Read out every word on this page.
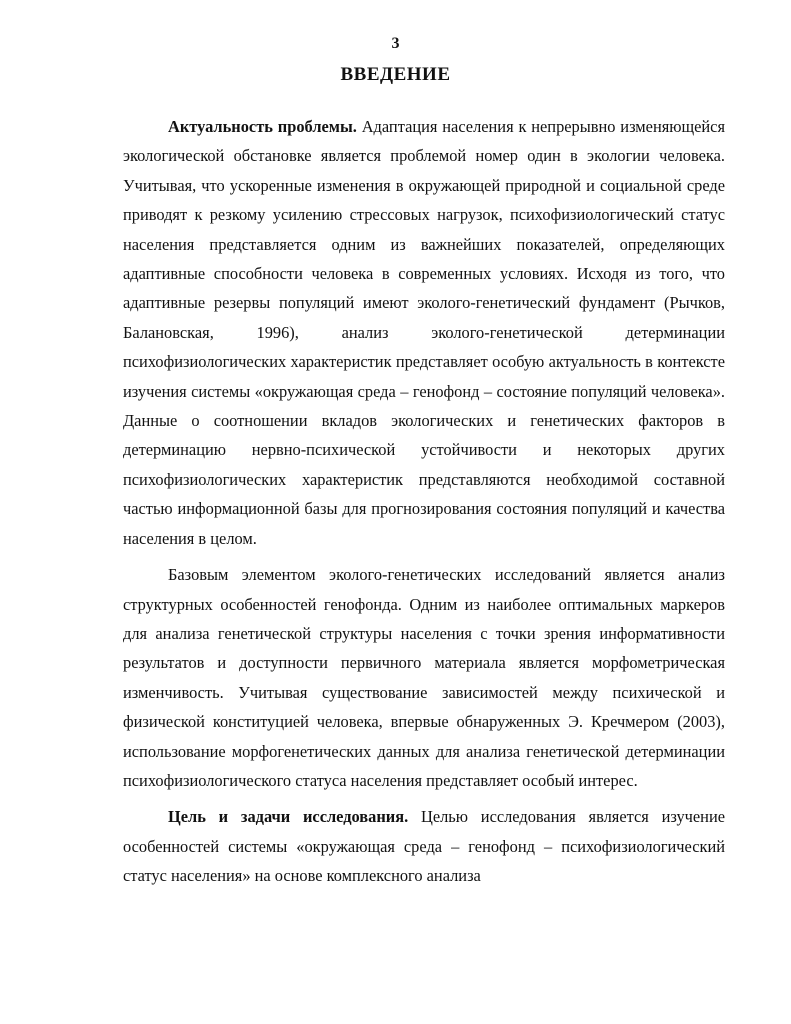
3
ВВЕДЕНИЕ

Актуальность проблемы. Адаптация населения к непрерывно изменяющейся экологической обстановке является проблемой номер один в экологии человека. Учитывая, что ускоренные изменения в окружающей природной и социальной среде приводят к резкому усилению стрессовых нагрузок, психофизиологический статус населения представляется одним из важнейших показателей, определяющих адаптивные способности человека в современных условиях. Исходя из того, что адаптивные резервы популяций имеют эколого-генетический фундамент (Рычков, Балановская, 1996), анализ эколого-генетической детерминации психофизиологических характеристик представляет особую актуальность в контексте изучения системы «окружающая среда – генофонд – состояние популяций человека». Данные о соотношении вкладов экологических и генетических факторов в детерминацию нервно-психической устойчивости и некоторых других психофизиологических характеристик представляются необходимой составной частью информационной базы для прогнозирования состояния популяций и качества населения в целом.

Базовым элементом эколого-генетических исследований является анализ структурных особенностей генофонда. Одним из наиболее оптимальных маркеров для анализа генетической структуры населения с точки зрения информативности результатов и доступности первичного материала является морфометрическая изменчивость. Учитывая существование зависимостей между психической и физической конституцией человека, впервые обнаруженных Э. Кречмером (2003), использование морфогенетических данных для анализа генетической детерминации психофизиологического статуса населения представляет особый интерес.

Цель и задачи исследования. Целью исследования является изучение особенностей системы «окружающая среда – генофонд – психофизиологический статус населения» на основе комплексного анализа
